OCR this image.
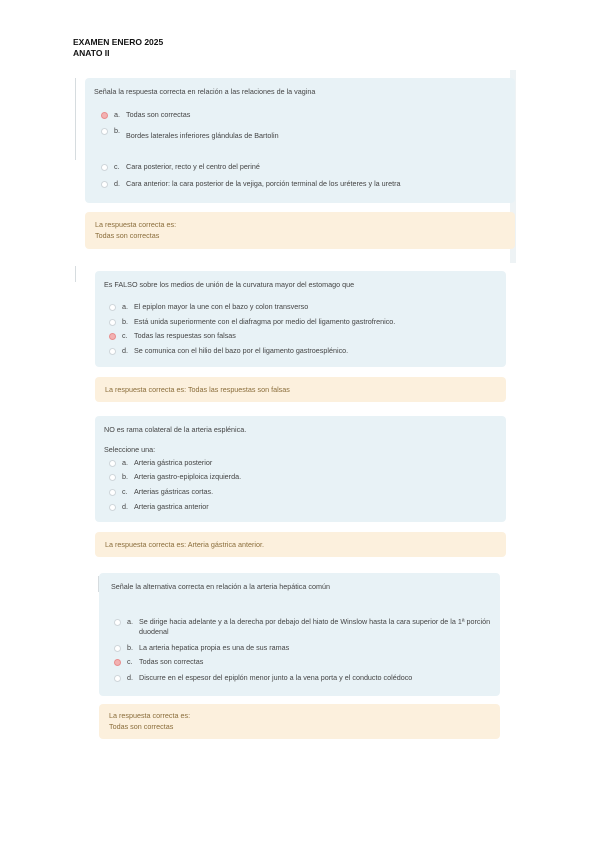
EXAMEN ENERO 2025
ANATO II
Señala la respuesta correcta en relación a las relaciones de la vagina
a. Todas son correctas
b.
Bordes laterales inferiores glándulas de Bartolin
c. Cara posterior, recto y el centro del periné
d. Cara anterior: la cara posterior de la vejiga, porción terminal de los uréteres y la uretra
La respuesta correcta es:
Todas son correctas
Es FALSO sobre los medios de unión de la curvatura mayor del estomago que
a. El epiplon mayor la une con el bazo y colon transverso
b. Está unida superiormente con el diafragma por medio del ligamento gastrofrenico.
c. Todas las respuestas son falsas
d. Se comunica con el hilio del bazo por el ligamento gastroesplénico.
La respuesta correcta es: Todas las respuestas son falsas
NO es rama colateral de la arteria esplénica.
Seleccione una:
a. Arteria gástrica posterior
b. Arteria gastro-epiploica izquierda.
c. Arterias gástricas cortas.
d. Arteria gastrica anterior
La respuesta correcta es: Arteria gástrica anterior.
Señale la alternativa correcta en relación a la arteria hepática común
a. Se dirige hacia adelante y a la derecha por debajo del hiato de Winslow hasta la cara superior de la 1ª porción duodenal
b. La arteria hepatica propia es una de sus ramas
c. Todas son correctas
d. Discurre en el espesor del epiplón menor junto a la vena porta y el conducto colédoco
La respuesta correcta es:
Todas son correctas
